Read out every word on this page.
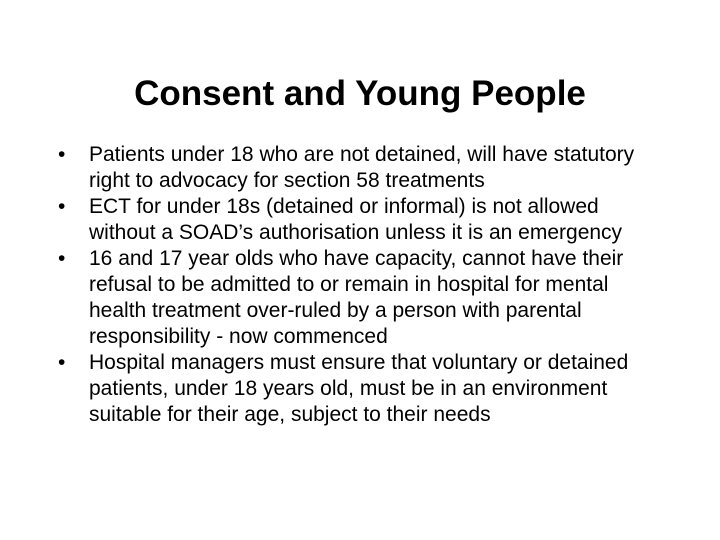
Consent and Young People
•	Patients under 18 who are not detained, will have statutory right to advocacy for section 58 treatments
•	ECT for under 18s (detained or informal) is not allowed without a SOAD’s authorisation unless it is an emergency
•	16 and 17 year olds who have capacity, cannot have their refusal to be admitted to or remain in hospital for mental health treatment over-ruled by a person with parental responsibility - now commenced
•	Hospital managers must ensure that voluntary or detained patients, under 18 years old, must be in an environment suitable for their age, subject to their needs
